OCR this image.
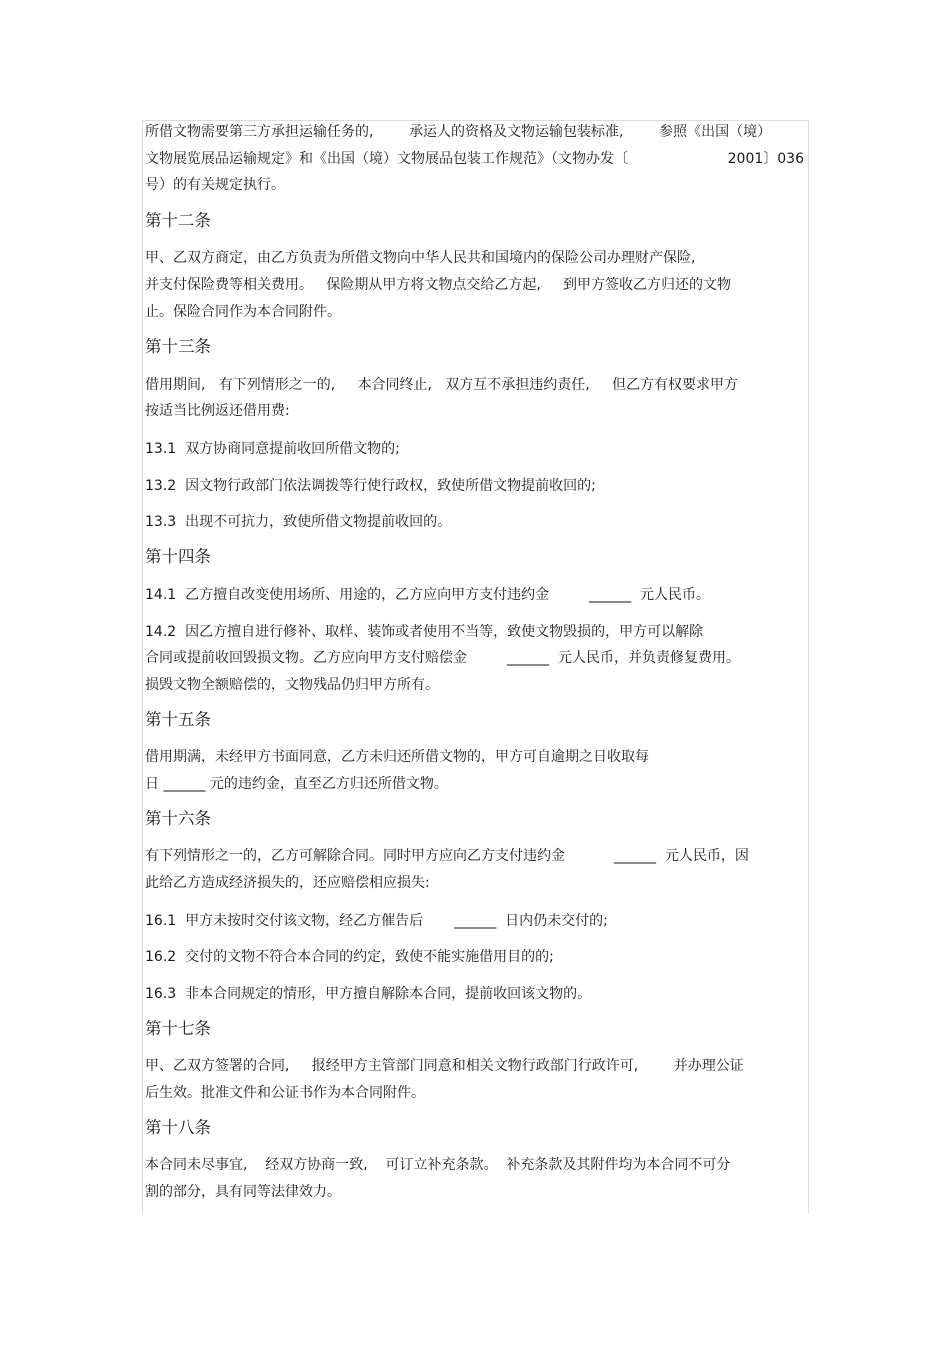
所借文物需要第三方承担运输任务的,        承运人的资格及文物运输包装标准,        参照《出国（境）
文物展览展品运输规定》和《出国（境）文物展品包装工作规范》（文物办发〔	2001〕036
号）的有关规定执行。
第十二条
甲、乙双方商定，由乙方负责为所借文物向中华人民共和国境内的保险公司办理财产保险,
并支付保险费等相关费用。   保险期从甲方将文物点交给乙方起,     到甲方签收乙方归还的文物
止。保险合同作为本合同附件。
第十三条
借用期间,   有下列情形之一的,     本合同终止,   双方互不承担违约责任,     但乙方有权要求甲方
按适当比例返还借用费:
13.1  双方协商同意提前收回所借文物的;
13.2  因文物行政部门依法调拨等行使行政权，致使所借文物提前收回的;
13.3  出现不可抗力，致使所借文物提前收回的。
第十四条
14.1  乙方擅自改变使用场所、用途的，乙方应向甲方支付违约金         ______  元人民币。
14.2  因乙方擅自进行修补、取样、装饰或者使用不当等，致使文物毁损的，甲方可以解除
合同或提前收回毁损文物。乙方应向甲方支付赔偿金         ______  元人民币，并负责修复费用。
损毁文物全额赔偿的，文物残品仍归甲方所有。
第十五条
借用期满，未经甲方书面同意，乙方未归还所借文物的，甲方可自逾期之日收取每
日 ______ 元的违约金，直至乙方归还所借文物。
第十六条
有下列情形之一的，乙方可解除合同。同时甲方应向乙方支付违约金           ______  元人民币，因
此给乙方造成经济损失的，还应赔偿相应损失:
16.1  甲方未按时交付该文物，经乙方催告后       ______  日内仍未交付的;
16.2  交付的文物不符合本合同的约定，致使不能实施借用目的的;
16.3  非本合同规定的情形，甲方擅自解除本合同，提前收回该文物的。
第十七条
甲、乙双方签署的合同,     报经甲方主管部门同意和相关文物行政部门行政许可,        并办理公证
后生效。批准文件和公证书作为本合同附件。
第十八条
本合同未尽事宜,    经双方协商一致,    可订立补充条款。  补充条款及其附件均为本合同不可分
割的部分，具有同等法律效力。
